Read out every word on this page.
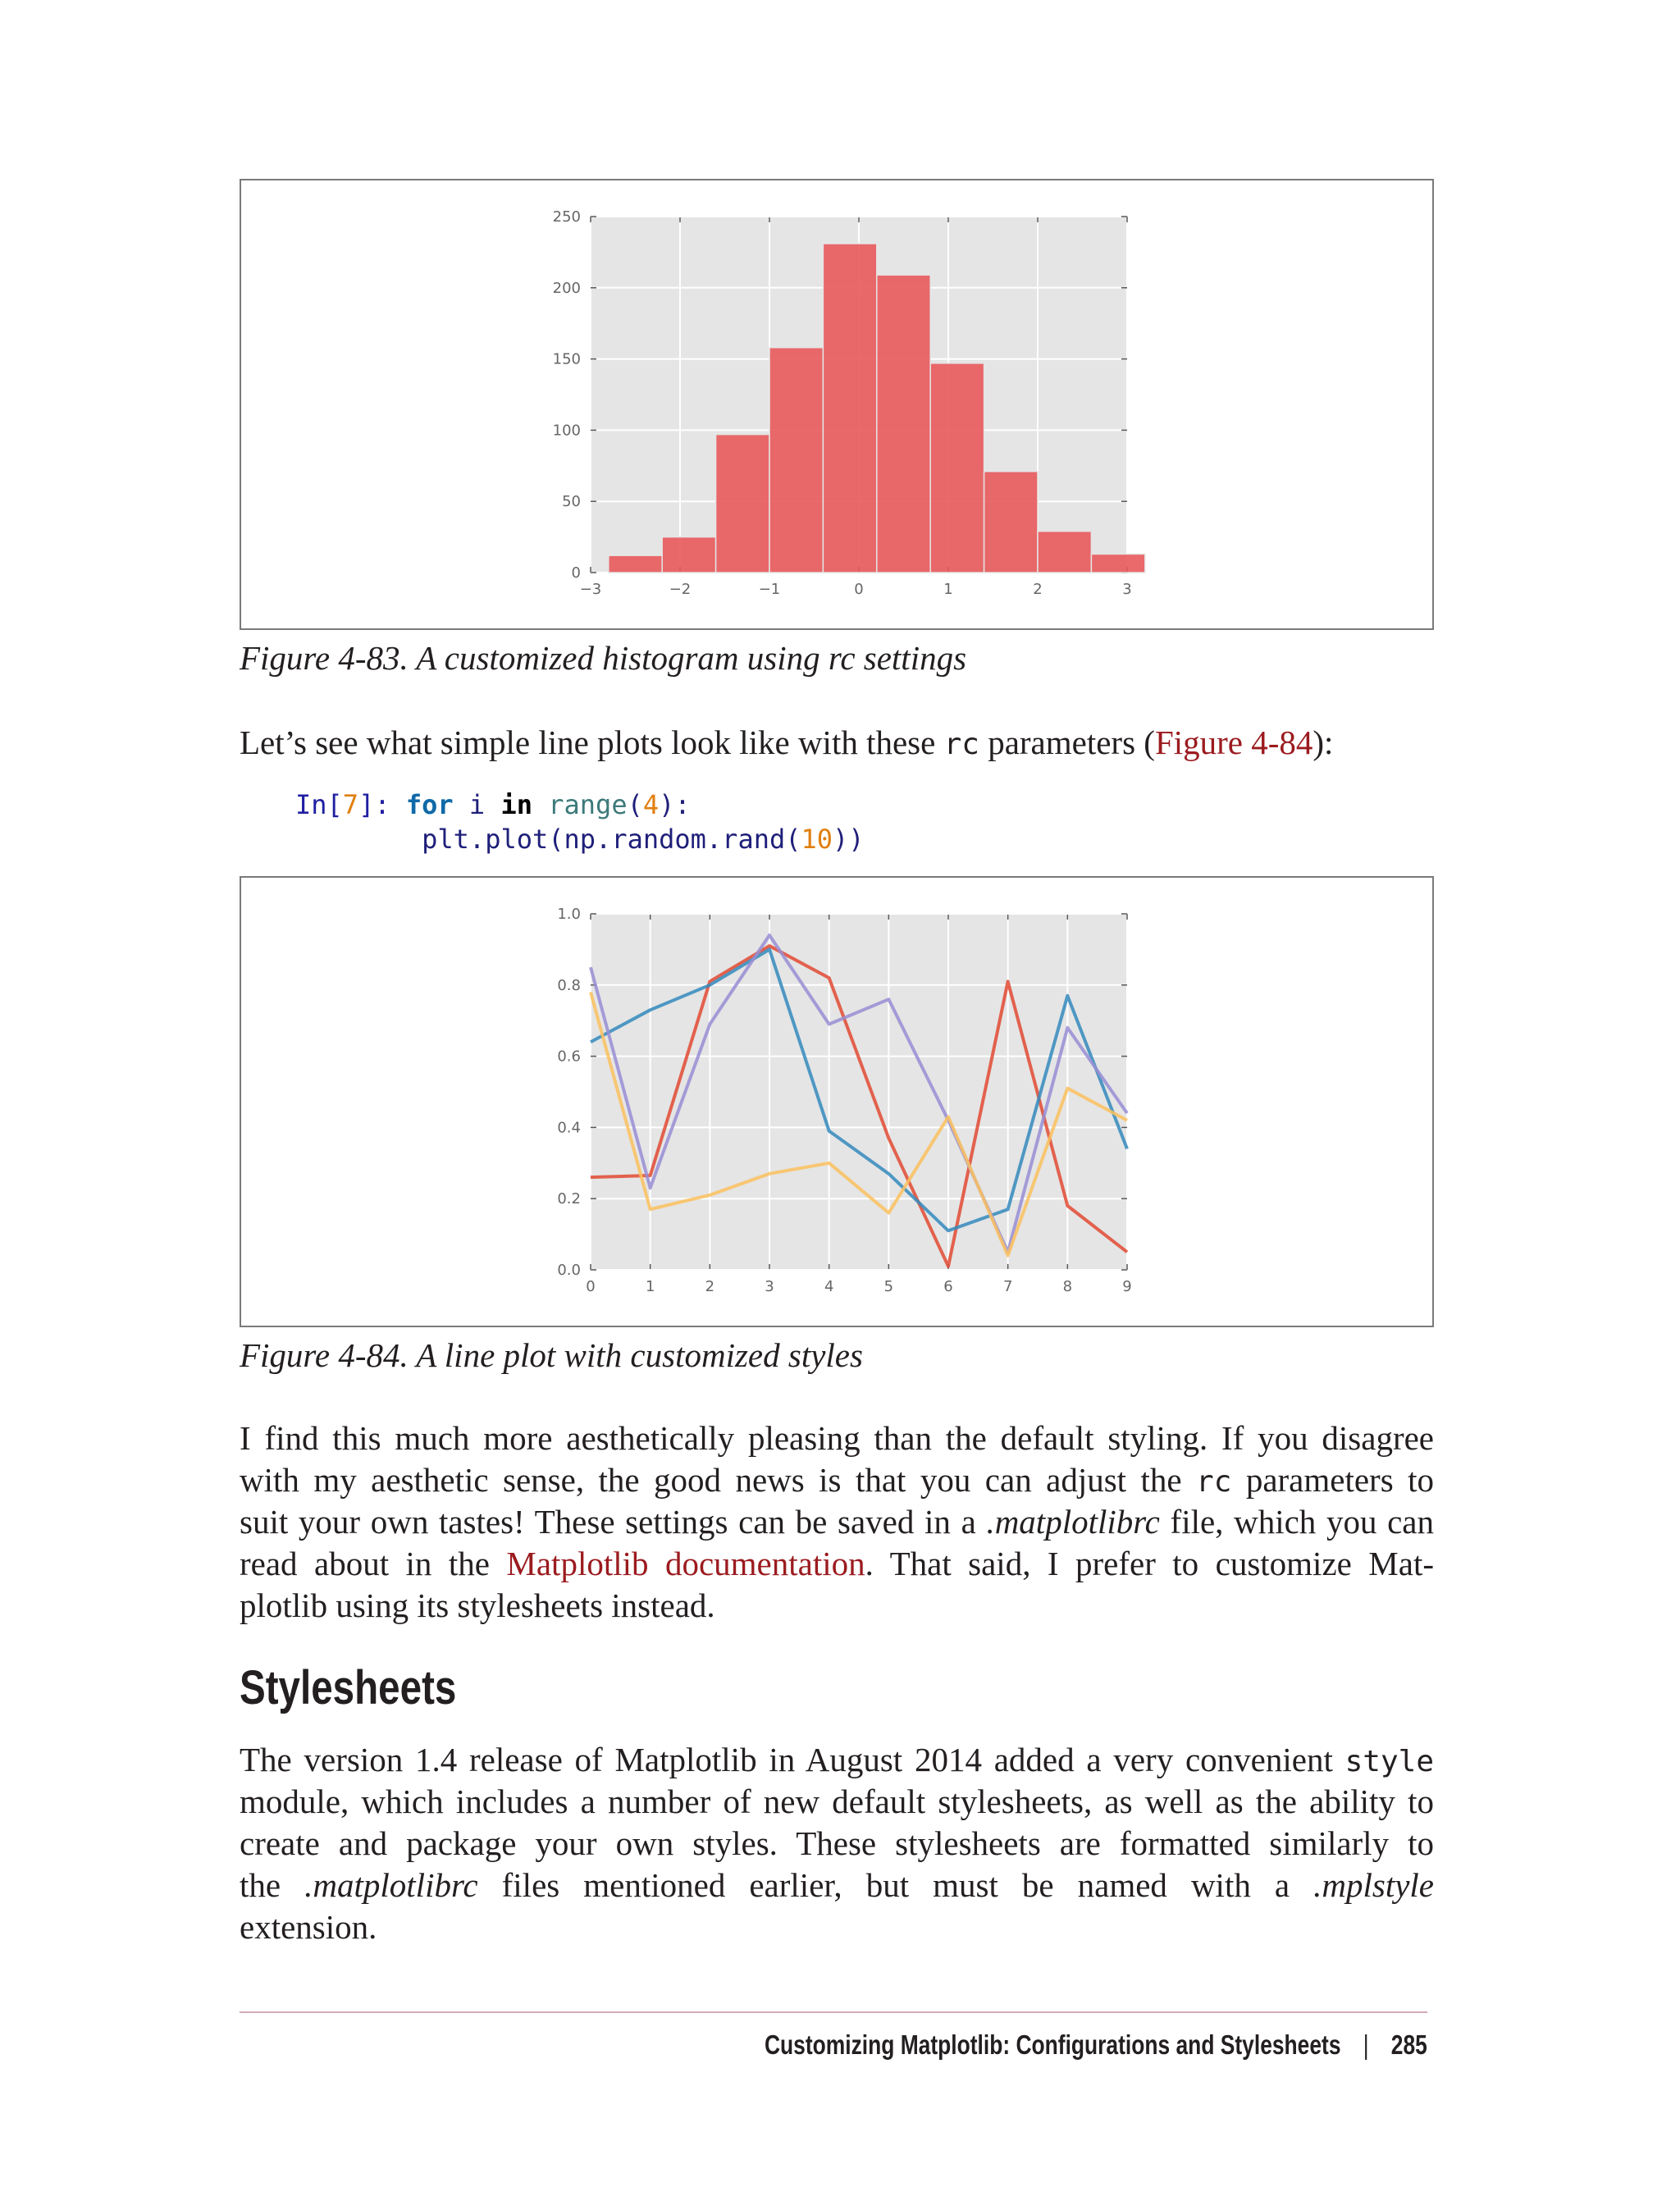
−3	−2	−1	0	1	2	3
0
50
100
150
200
250
Figure 4-83. A customized histogram using rc settings
Let’s see what simple line plots look like with these rc parameters (Figure 4-84):
In[7]: for i in range(4):
plt.plot(np.random.rand(10))
0	1	2	3	4	5	6	7	8	9
0.0
0.2
0.4
0.6
0.8
1.0
Figure 4-84. A line plot with customized styles
I find this much more aesthetically pleasing than the default styling. If you disagree
with my aesthetic sense, the good news is that you can adjust the rc parameters to
suit your own tastes! These settings can be saved in a .matplotlibrc file, which you can
read about in the Matplotlib documentation. That said, I prefer to customize Mat-
plotlib using its stylesheets instead.
Stylesheets
The version 1.4 release of Matplotlib in August 2014 added a very convenient style
module, which includes a number of new default stylesheets, as well as the ability to
create and package your own styles. These stylesheets are formatted similarly to
the .matplotlibrc files mentioned earlier, but must be named with a .mplstyle
extension.
Customizing Matplotlib: Configurations and Stylesheets | 285
